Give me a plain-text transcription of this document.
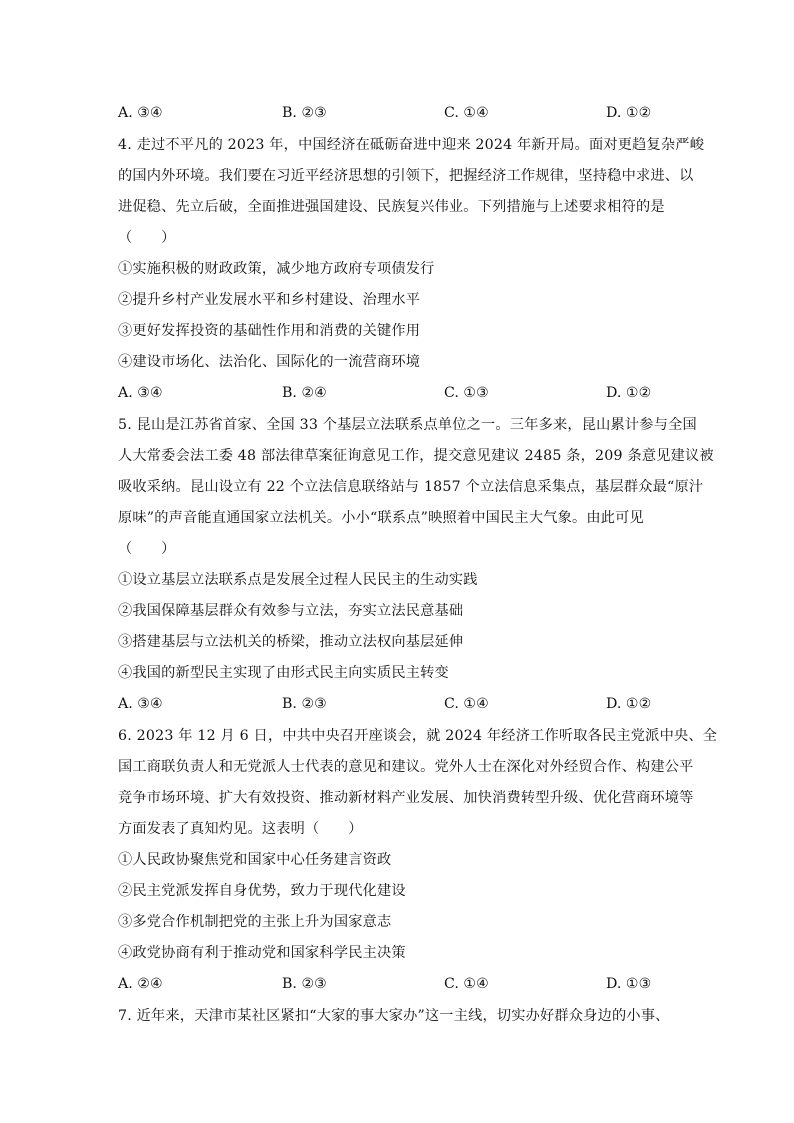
A. ③④	B. ②③	C. ①④	D. ①②
4. 走过不平凡的 2023 年，中国经济在砥砺奋进中迎来 2024 年新开局。面对更趋复杂严峻
的国内外环境。我们要在习近平经济思想的引领下，把握经济工作规律，坚持稳中求进、以
进促稳、先立后破，全面推进强国建设、民族复兴伟业。下列措施与上述要求相符的是
（　　）
①实施积极的财政政策，减少地方政府专项债发行
②提升乡村产业发展水平和乡村建设、治理水平
③更好发挥投资的基础性作用和消费的关键作用
④建设市场化、法治化、国际化的一流营商环境
A. ③④	B. ②④	C. ①③	D. ①②
5. 昆山是江苏省首家、全国 33 个基层立法联系点单位之一。三年多来，昆山累计参与全国
人大常委会法工委 48 部法律草案征询意见工作，提交意见建议 2485 条，209 条意见建议被
吸收采纳。昆山设立有 22 个立法信息联络站与 1857 个立法信息采集点，基层群众最“原汁
原味”的声音能直通国家立法机关。小小“联系点”映照着中国民主大气象。由此可见
（　　）
①设立基层立法联系点是发展全过程人民民主的生动实践
②我国保障基层群众有效参与立法，夯实立法民意基础
③搭建基层与立法机关的桥梁，推动立法权向基层延伸
④我国的新型民主实现了由形式民主向实质民主转变
A. ③④	B. ②③	C. ①④	D. ①②
6. 2023 年 12 月 6 日，中共中央召开座谈会，就 2024 年经济工作听取各民主党派中央、全
国工商联负责人和无党派人士代表的意见和建议。党外人士在深化对外经贸合作、构建公平
竞争市场环境、扩大有效投资、推动新材料产业发展、加快消费转型升级、优化营商环境等
方面发表了真知灼见。这表明（　　）
①人民政协聚焦党和国家中心任务建言资政
②民主党派发挥自身优势，致力于现代化建设
③多党合作机制把党的主张上升为国家意志
④政党协商有利于推动党和国家科学民主决策
A. ②④	B. ②③	C. ①④	D. ①③
7. 近年来，天津市某社区紧扣“大家的事大家办”这一主线，切实办好群众身边的小事、
